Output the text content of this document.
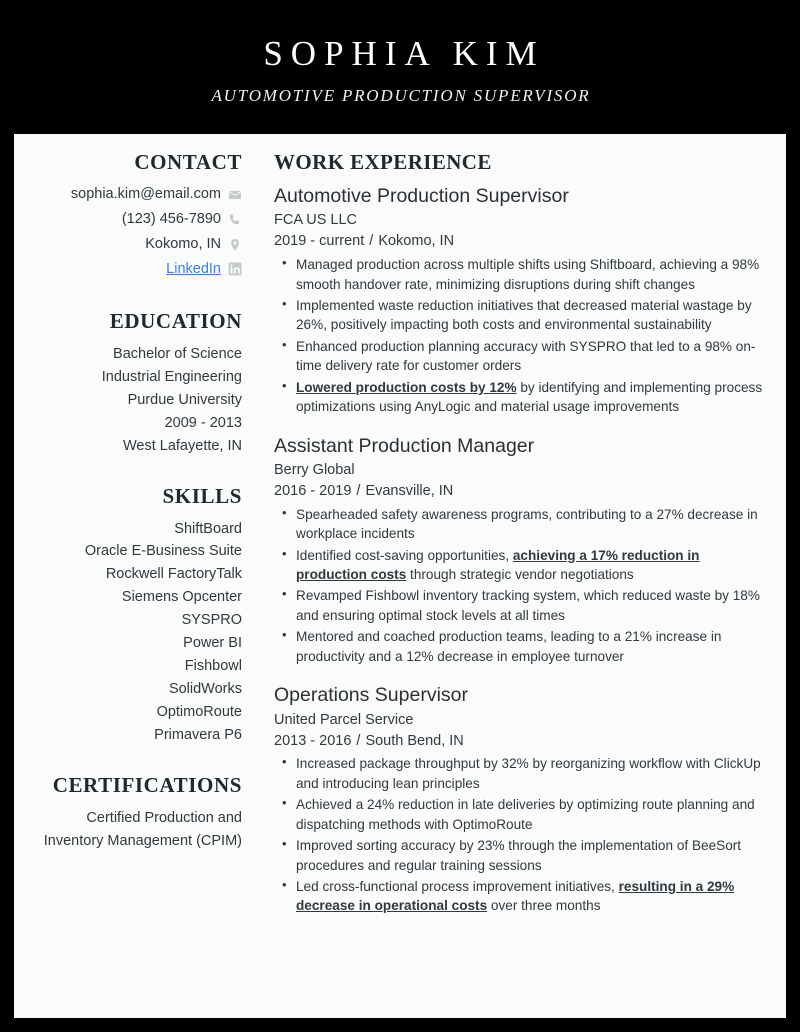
SOPHIA KIM
AUTOMOTIVE PRODUCTION SUPERVISOR
CONTACT
sophia.kim@email.com
(123) 456-7890
Kokomo, IN
LinkedIn
EDUCATION
Bachelor of Science
Industrial Engineering
Purdue University
2009 - 2013
West Lafayette, IN
SKILLS
ShiftBoard
Oracle E-Business Suite
Rockwell FactoryTalk
Siemens Opcenter
SYSPRO
Power BI
Fishbowl
SolidWorks
OptimoRoute
Primavera P6
CERTIFICATIONS
Certified Production and
Inventory Management (CPIM)
WORK EXPERIENCE
Automotive Production Supervisor
FCA US LLC
2019 - current / Kokomo, IN
• Managed production across multiple shifts using Shiftboard, achieving a 98% smooth handover rate, minimizing disruptions during shift changes
• Implemented waste reduction initiatives that decreased material wastage by 26%, positively impacting both costs and environmental sustainability
• Enhanced production planning accuracy with SYSPRO that led to a 98% on-time delivery rate for customer orders
• Lowered production costs by 12% by identifying and implementing process optimizations using AnyLogic and material usage improvements
Assistant Production Manager
Berry Global
2016 - 2019 / Evansville, IN
• Spearheaded safety awareness programs, contributing to a 27% decrease in workplace incidents
• Identified cost-saving opportunities, achieving a 17% reduction in production costs through strategic vendor negotiations
• Revamped Fishbowl inventory tracking system, which reduced waste by 18% and ensuring optimal stock levels at all times
• Mentored and coached production teams, leading to a 21% increase in productivity and a 12% decrease in employee turnover
Operations Supervisor
United Parcel Service
2013 - 2016 / South Bend, IN
• Increased package throughput by 32% by reorganizing workflow with ClickUp and introducing lean principles
• Achieved a 24% reduction in late deliveries by optimizing route planning and dispatching methods with OptimoRoute
• Improved sorting accuracy by 23% through the implementation of BeeSort procedures and regular training sessions
• Led cross-functional process improvement initiatives, resulting in a 29% decrease in operational costs over three months
